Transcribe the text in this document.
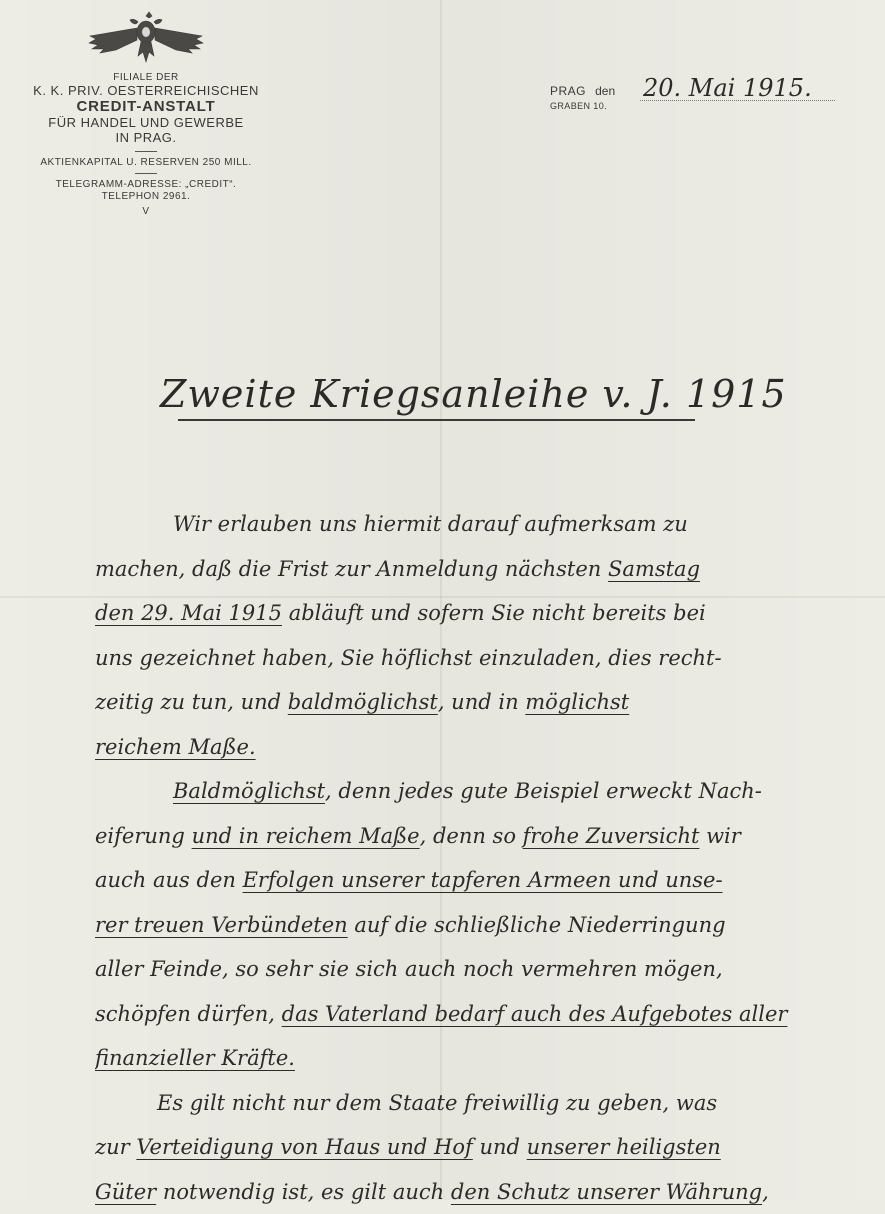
FILIALE DER
K. K. PRIV. OESTERREICHISCHEN
CREDIT-ANSTALT
FÜR HANDEL UND GEWERBE
IN PRAG.
AKTIENKAPITAL U. RESERVEN 250 MILL.
TELEGRAMM-ADRESSE: „CREDIT“.
TELEPHON 2961.
V
PRAG den 20. Mai 1915.
GRABEN 10.
Zweite Kriegsanleihe v. J. 1915
Wir erlauben uns hiermit darauf aufmerksam zu
machen, daß die Frist zur Anmeldung nächsten Samstag
den 29. Mai 1915 abläuft und sofern Sie nicht bereits bei
uns gezeichnet haben, Sie höflichst einzuladen, dies recht-
zeitig zu tun, und baldmöglichst, und in möglichst
reichem Maße.
Baldmöglichst, denn jedes gute Beispiel erweckt Nach-
eiferung und in reichem Maße, denn so frohe Zuversicht wir
auch aus den Erfolgen unserer tapferen Armeen und unse-
rer treuen Verbündeten auf die schließliche Niederringung
aller Feinde, so sehr sie sich auch noch vermehren mögen,
schöpfen dürfen, das Vaterland bedarf auch des Aufgebotes aller
finanzieller Kräfte.
Es gilt nicht nur dem Staate freiwillig zu geben, was
zur Verteidigung von Haus und Hof und unserer heiligsten
Güter notwendig ist, es gilt auch den Schutz unserer Währung,
